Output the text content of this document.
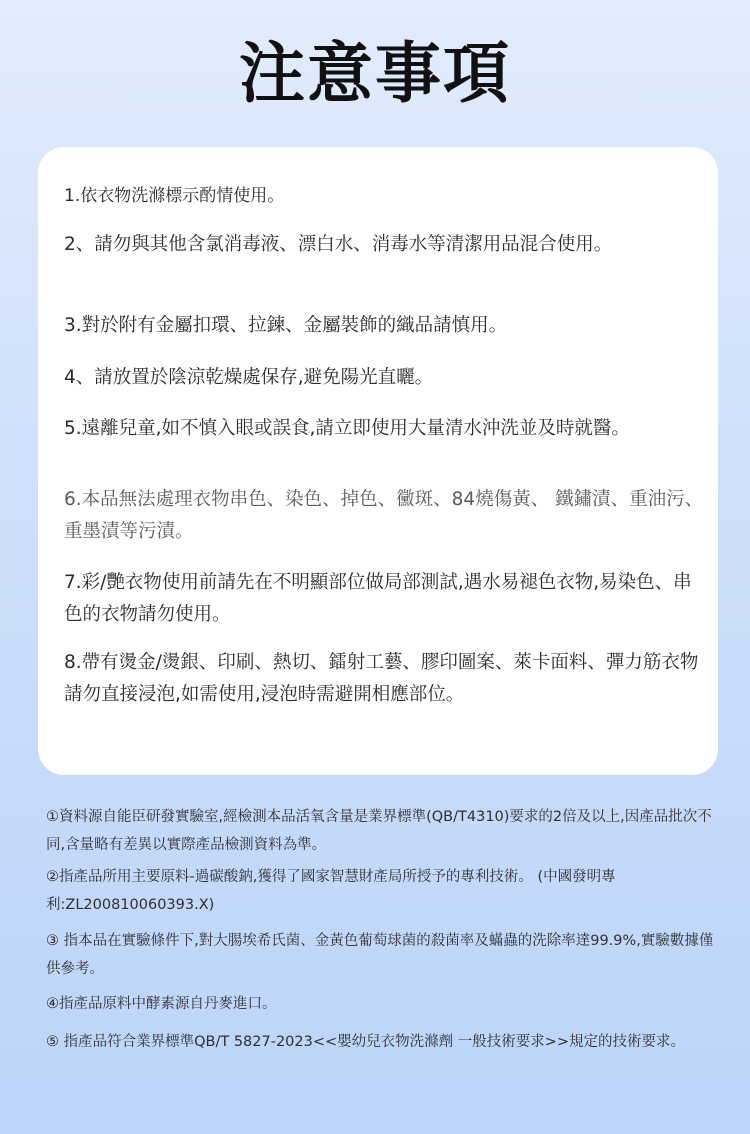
注意事項

1.依衣物洗滌標示酌情使用。

2、請勿與其他含氯消毒液、漂白水、消毒水等清潔用品混合使用。

3.對於附有金屬扣環、拉鍊、金屬裝飾的織品請慎用。

4、請放置於陰涼乾燥處保存,避免陽光直曬。

5.遠離兒童,如不慎入眼或誤食,請立即使用大量清水沖洗並及時就醫。

6.本品無法處理衣物串色、染色、掉色、黴斑、84燒傷黃、 鐵鏽漬、重油污、重墨漬等污漬。

7.彩/艷衣物使用前請先在不明顯部位做局部測試,遇水易褪色衣物,易染色、串色的衣物請勿使用。

8.帶有燙金/燙銀、印刷、熱切、鐳射工藝、膠印圖案、萊卡面料、彈力筋衣物請勿直接浸泡,如需使用,浸泡時需避開相應部位。

①資料源自能臣研發實驗室,經檢測本品活氧含量是業界標準(QB/T4310)要求的2倍及以上,因產品批次不同,含量略有差異以實際產品檢測資料為準。

②指產品所用主要原料-過碳酸鈉,獲得了國家智慧財產局所授予的專利技術。 (中國發明專利:ZL200810060393.X)

③ 指本品在實驗條件下,對大腸埃希氏菌、金黃色葡萄球菌的殺菌率及蟎蟲的洗除率達99.9%,實驗數據僅供參考。

④指產品原料中酵素源自丹麥進口。

⑤ 指產品符合業界標準QB/T 5827-2023<<嬰幼兒衣物洗滌劑 一般技術要求>>規定的技術要求。
